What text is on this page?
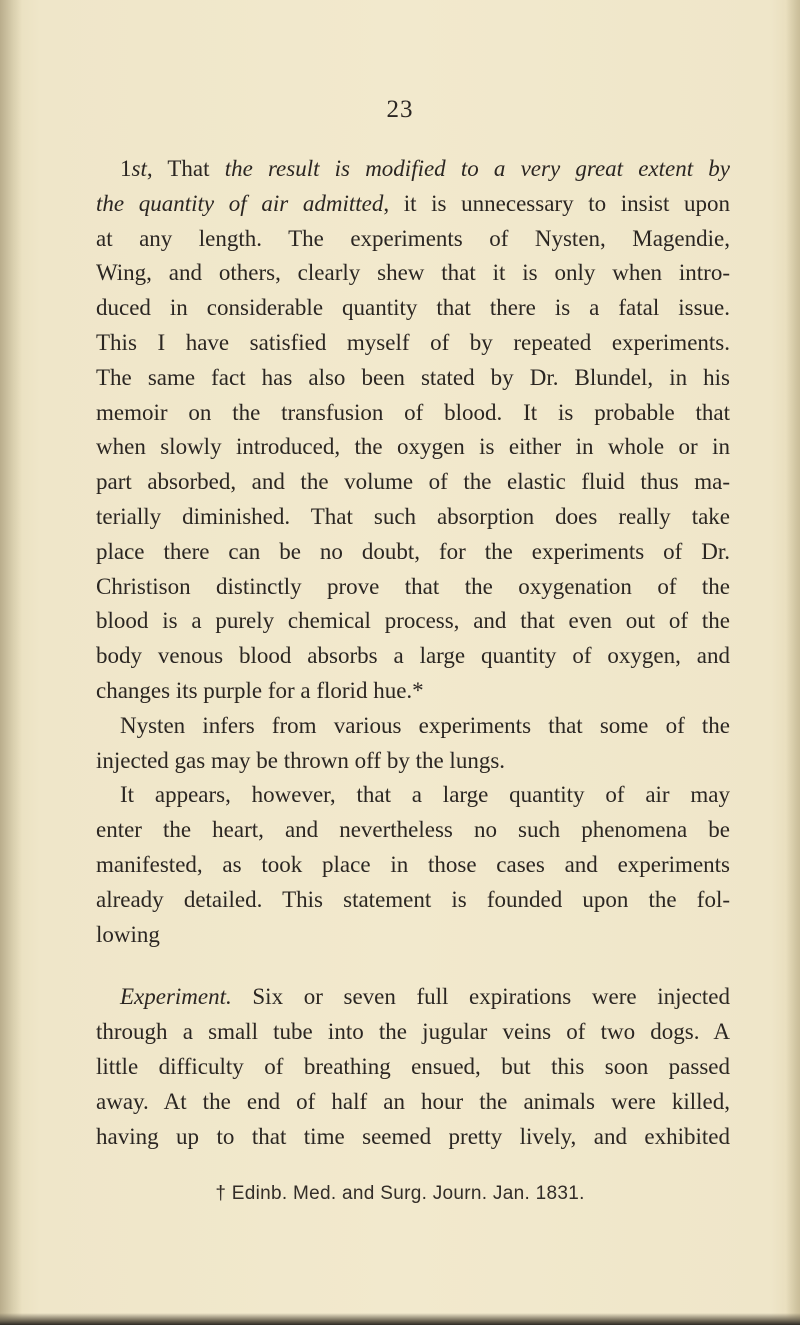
23
1st, That the result is modified to a very great extent by
the quantity of air admitted, it is unnecessary to insist upon
at any length. The experiments of Nysten, Magendie,
Wing, and others, clearly shew that it is only when intro-
duced in considerable quantity that there is a fatal issue.
This I have satisfied myself of by repeated experiments.
The same fact has also been stated by Dr. Blundel, in his
memoir on the transfusion of blood. It is probable that
when slowly introduced, the oxygen is either in whole or in
part absorbed, and the volume of the elastic fluid thus ma-
terially diminished. That such absorption does really take
place there can be no doubt, for the experiments of Dr.
Christison distinctly prove that the oxygenation of the
blood is a purely chemical process, and that even out of the
body venous blood absorbs a large quantity of oxygen, and
changes its purple for a florid hue.*
Nysten infers from various experiments that some of the
injected gas may be thrown off by the lungs.
It appears, however, that a large quantity of air may
enter the heart, and nevertheless no such phenomena be
manifested, as took place in those cases and experiments
already detailed. This statement is founded upon the fol-
lowing
Experiment. Six or seven full expirations were injected
through a small tube into the jugular veins of two dogs. A
little difficulty of breathing ensued, but this soon passed
away. At the end of half an hour the animals were killed,
having up to that time seemed pretty lively, and exhibited
† Edinb. Med. and Surg. Journ. Jan. 1831.
